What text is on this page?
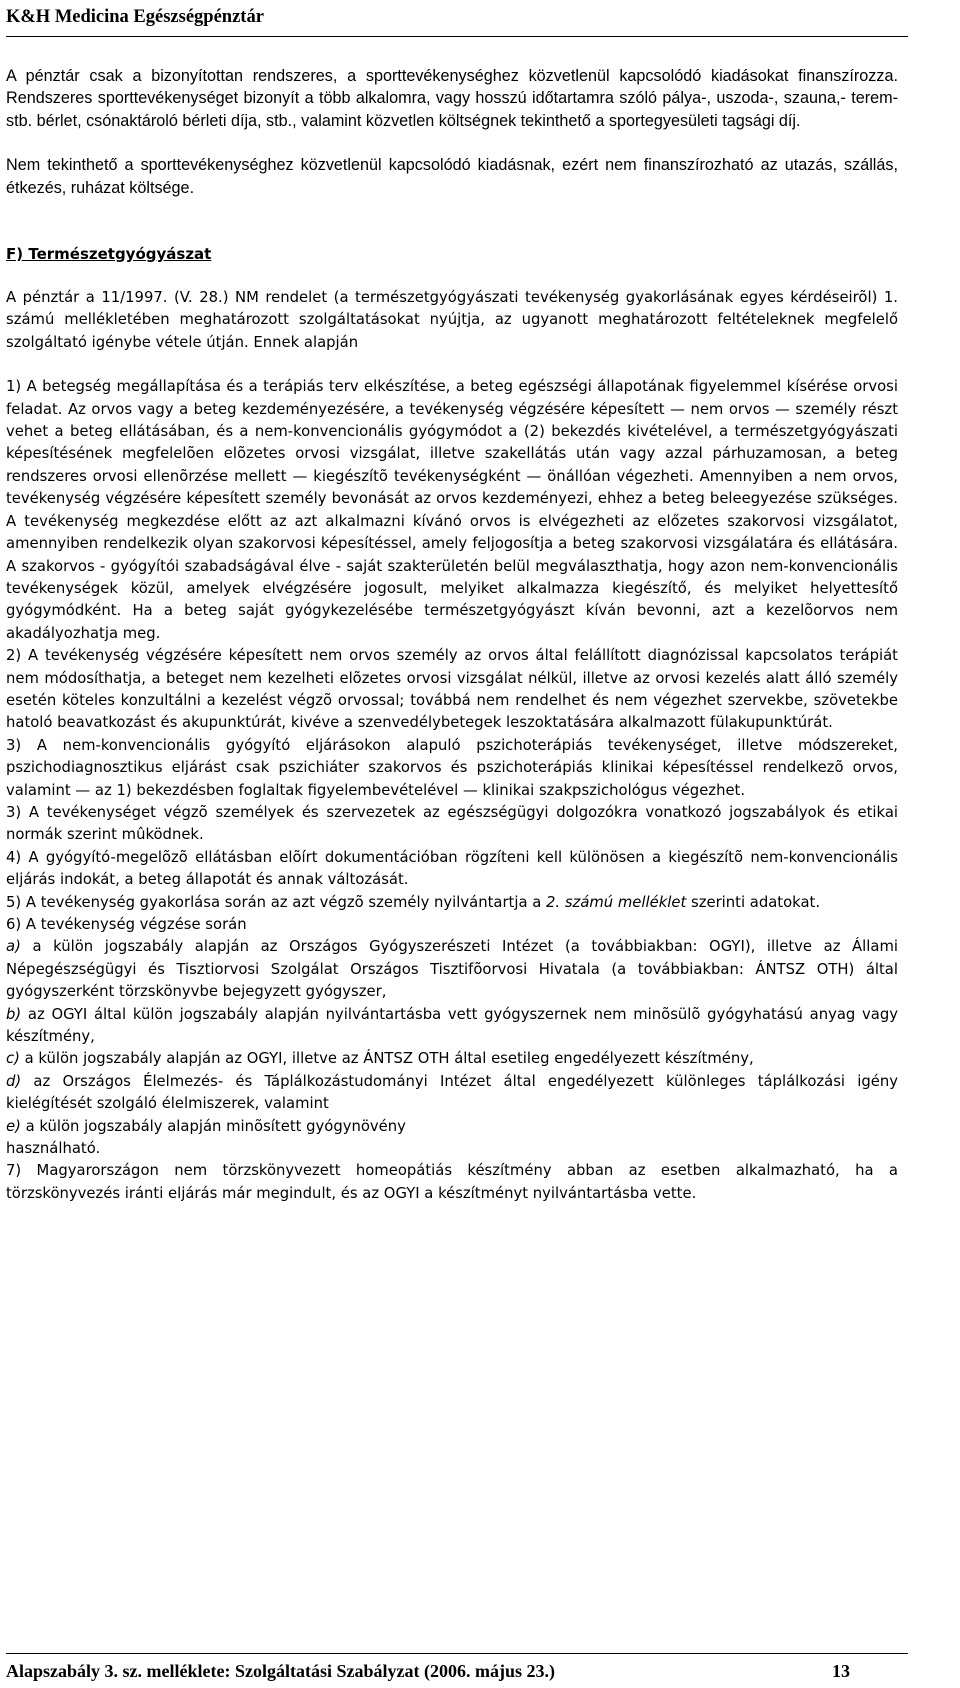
K&H Medicina Egészségpénztár

A pénztár csak a bizonyítottan rendszeres, a sporttevékenységhez közvetlenül kapcsolódó kiadásokat finanszírozza. Rendszeres sporttevékenységet bizonyít a több alkalomra, vagy hosszú időtartamra szóló pálya-, uszoda-, szauna,- terem- stb. bérlet, csónaktároló bérleti díja, stb., valamint közvetlen költségnek tekinthető a sportegyesületi tagsági díj.

Nem tekinthető a sporttevékenységhez közvetlenül kapcsolódó kiadásnak, ezért nem finanszírozható az utazás, szállás, étkezés, ruházat költsége.

F) Természetgyógyászat

A pénztár a 11/1997. (V. 28.) NM rendelet (a természetgyógyászati tevékenység gyakorlásának egyes kérdéseirõl) 1. számú mellékletében meghatározott szolgáltatásokat nyújtja, az ugyanott meghatározott feltételeknek megfelelő szolgáltató igénybe vétele útján. Ennek alapján

1) A betegség megállapítása és a terápiás terv elkészítése, a beteg egészségi állapotának figyelemmel kísérése orvosi feladat. Az orvos vagy a beteg kezdeményezésére, a tevékenység végzésére képesített — nem orvos — személy részt vehet a beteg ellátásában, és a nem-konvencionális gyógymódot a (2) bekezdés kivételével, a természetgyógyászati képesítésének megfelelõen elõzetes orvosi vizsgálat, illetve szakellátás után vagy azzal párhuzamosan, a beteg rendszeres orvosi ellenõrzése mellett — kiegészítõ tevékenységként — önállóan végezheti. Amennyiben a nem orvos, tevékenység végzésére képesített személy bevonását az orvos kezdeményezi, ehhez a beteg beleegyezése szükséges. A tevékenység megkezdése előtt az azt alkalmazni kívánó orvos is elvégezheti az előzetes szakorvosi vizsgálatot, amennyiben rendelkezik olyan szakorvosi képesítéssel, amely feljogosítja a beteg szakorvosi vizsgálatára és ellátására. A szakorvos - gyógyítói szabadságával élve - saját szakterületén belül megválaszthatja, hogy azon nem-konvencionális tevékenységek közül, amelyek elvégzésére jogosult, melyiket alkalmazza kiegészítő, és melyiket helyettesítő gyógymódként. Ha a beteg saját gyógykezelésébe természetgyógyászt kíván bevonni, azt a kezelõorvos nem akadályozhatja meg.

2) A tevékenység végzésére képesített nem orvos személy az orvos által felállított diagnózissal kapcsolatos terápiát nem módosíthatja, a beteget nem kezelheti elõzetes orvosi vizsgálat nélkül, illetve az orvosi kezelés alatt álló személy esetén köteles konzultálni a kezelést végzõ orvossal; továbbá nem rendelhet és nem végezhet szervekbe, szövetekbe hatoló beavatkozást és akupunktúrát, kivéve a szenvedélybetegek leszoktatására alkalmazott fülakupunktúrát.

3) A nem-konvencionális gyógyító eljárásokon alapuló pszichoterápiás tevékenységet, illetve módszereket, pszichodiagnosztikus eljárást csak pszichiáter szakorvos és pszichoterápiás klinikai képesítéssel rendelkezõ orvos, valamint — az 1) bekezdésben foglaltak figyelembevételével — klinikai szakpszichológus végezhet.

3) A tevékenységet végzõ személyek és szervezetek az egészségügyi dolgozókra vonatkozó jogszabályok és etikai normák szerint mûködnek.

4) A gyógyító-megelõzõ ellátásban elõírt dokumentációban rögzíteni kell különösen a kiegészítõ nem-konvencionális eljárás indokát, a beteg állapotát és annak változását.

5) A tevékenység gyakorlása során az azt végzõ személy nyilvántartja a 2. számú melléklet szerinti adatokat.

6) A tevékenység végzése során

a) a külön jogszabály alapján az Országos Gyógyszerészeti Intézet (a továbbiakban: OGYI), illetve az Állami Népegészségügyi és Tisztiorvosi Szolgálat Országos Tisztifõorvosi Hivatala (a továbbiakban: ÁNTSZ OTH) által gyógyszerként törzskönyvbe bejegyzett gyógyszer,

b) az OGYI által külön jogszabály alapján nyilvántartásba vett gyógyszernek nem minõsülõ gyógyhatású anyag vagy készítmény,

c) a külön jogszabály alapján az OGYI, illetve az ÁNTSZ OTH által esetileg engedélyezett készítmény,

d) az Országos Élelmezés- és Táplálkozástudományi Intézet által engedélyezett különleges táplálkozási igény kielégítését szolgáló élelmiszerek, valamint

e) a külön jogszabály alapján minõsített gyógynövény

használható.

7) Magyarországon nem törzskönyvezett homeopátiás készítmény abban az esetben alkalmazható, ha a törzskönyvezés iránti eljárás már megindult, és az OGYI a készítményt nyilvántartásba vette.

Alapszabály 3. sz. melléklete: Szolgáltatási Szabályzat (2006. május 23.)	13
